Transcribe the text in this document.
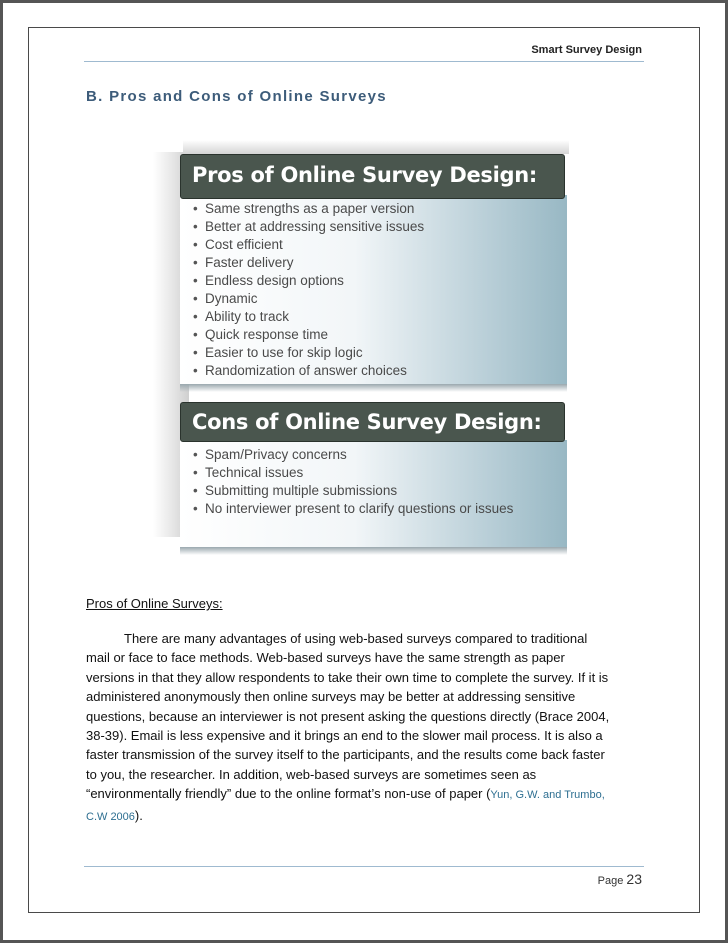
Smart Survey Design
B. Pros and Cons of Online Surveys
Pros of Online Survey Design:
• Same strengths as a paper version
• Better at addressing sensitive issues
• Cost efficient
• Faster delivery
• Endless design options
• Dynamic
• Ability to track
• Quick response time
• Easier to use for skip logic
• Randomization of answer choices
Cons of Online Survey Design:
• Spam/Privacy concerns
• Technical issues
• Submitting multiple submissions
• No interviewer present to clarify questions or issues
Pros of Online Surveys:
There are many advantages of using web-based surveys compared to traditional
mail or face to face methods. Web-based surveys have the same strength as paper
versions in that they allow respondents to take their own time to complete the survey. If it is
administered anonymously then online surveys may be better at addressing sensitive
questions, because an interviewer is not present asking the questions directly (Brace 2004,
38-39). Email is less expensive and it brings an end to the slower mail process. It is also a
faster transmission of the survey itself to the participants, and the results come back faster
to you, the researcher. In addition, web-based surveys are sometimes seen as
“environmentally friendly” due to the online format’s non-use of paper (Yun, G.W. and Trumbo,
C.W 2006).
Page 23
